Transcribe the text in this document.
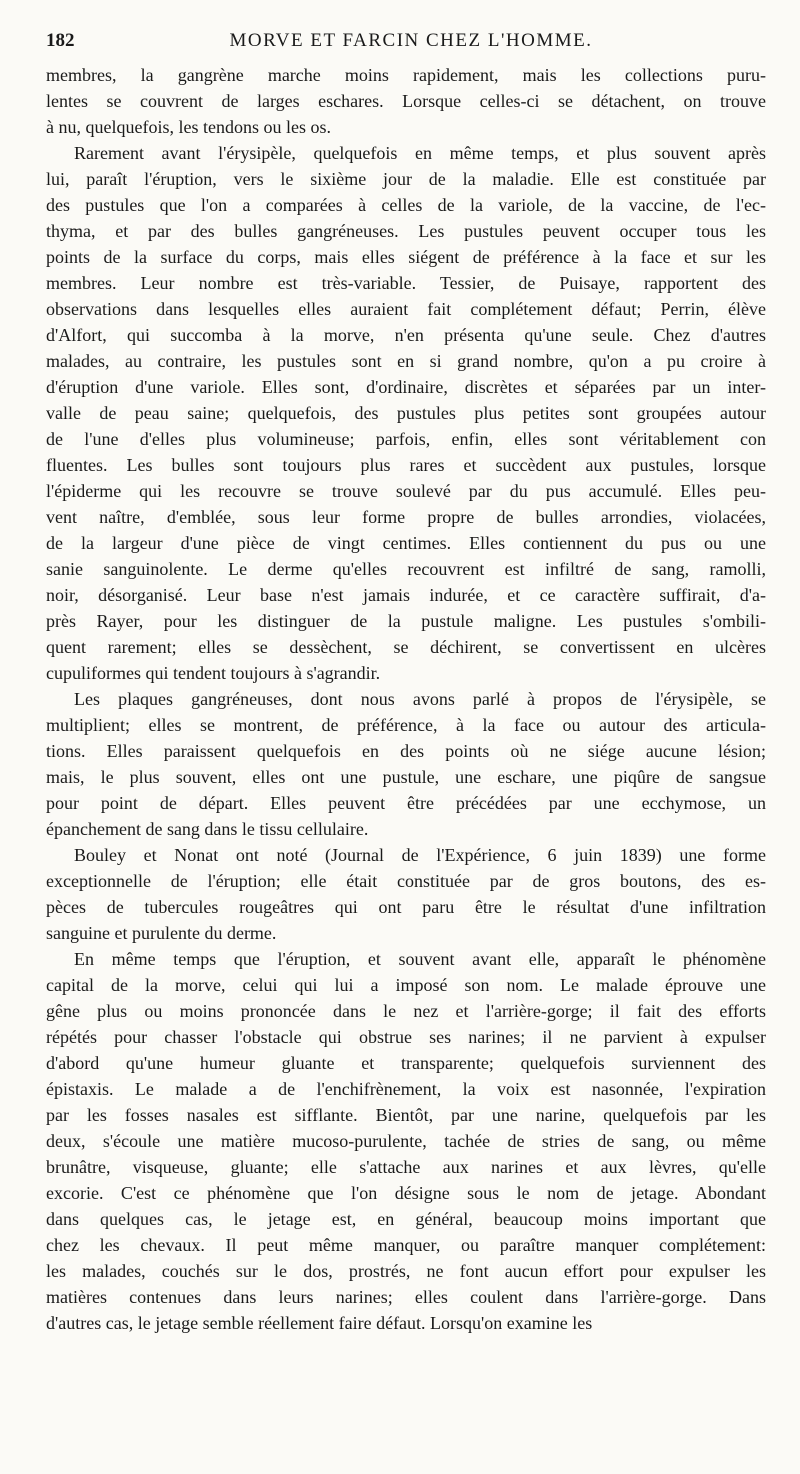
182	MORVE ET FARCIN CHEZ L'HOMME.
membres, la gangrène marche moins rapidement, mais les collections puru-
lentes se couvrent de larges eschares. Lorsque celles-ci se détachent, on trouve
à nu, quelquefois, les tendons ou les os.
Rarement avant l'érysipèle, quelquefois en même temps, et plus souvent après
lui, paraît l'éruption, vers le sixième jour de la maladie. Elle est constituée par
des pustules que l'on a comparées à celles de la variole, de la vaccine, de l'ec-
thyma, et par des bulles gangréneuses. Les pustules peuvent occuper tous les
points de la surface du corps, mais elles siégent de préférence à la face et sur les
membres. Leur nombre est très-variable. Tessier, de Puisaye, rapportent des
observations dans lesquelles elles auraient fait complétement défaut; Perrin, élève
d'Alfort, qui succomba à la morve, n'en présenta qu'une seule. Chez d'autres
malades, au contraire, les pustules sont en si grand nombre, qu'on a pu croire à
d'éruption d'une variole. Elles sont, d'ordinaire, discrètes et séparées par un inter-
valle de peau saine; quelquefois, des pustules plus petites sont groupées autour
de l'une d'elles plus volumineuse; parfois, enfin, elles sont véritablement con
fluentes. Les bulles sont toujours plus rares et succèdent aux pustules, lorsque
l'épiderme qui les recouvre se trouve soulevé par du pus accumulé. Elles peu-
vent naître, d'emblée, sous leur forme propre de bulles arrondies, violacées,
de la largeur d'une pièce de vingt centimes. Elles contiennent du pus ou une
sanie sanguinolente. Le derme qu'elles recouvrent est infiltré de sang, ramolli,
noir, désorganisé. Leur base n'est jamais indurée, et ce caractère suffirait, d'a-
près Rayer, pour les distinguer de la pustule maligne. Les pustules s'ombili-
quent rarement; elles se dessèchent, se déchirent, se convertissent en ulcères
cupuliformes qui tendent toujours à s'agrandir.
Les plaques gangréneuses, dont nous avons parlé à propos de l'érysipèle, se
multiplient; elles se montrent, de préférence, à la face ou autour des articula-
tions. Elles paraissent quelquefois en des points où ne siége aucune lésion;
mais, le plus souvent, elles ont une pustule, une eschare, une piqûre de sangsue
pour point de départ. Elles peuvent être précédées par une ecchymose, un
épanchement de sang dans le tissu cellulaire.
Bouley et Nonat ont noté (Journal de l'Expérience, 6 juin 1839) une forme
exceptionnelle de l'éruption; elle était constituée par de gros boutons, des es-
pèces de tubercules rougeâtres qui ont paru être le résultat d'une infiltration
sanguine et purulente du derme.
En même temps que l'éruption, et souvent avant elle, apparaît le phénomène
capital de la morve, celui qui lui a imposé son nom. Le malade éprouve une
gêne plus ou moins prononcée dans le nez et l'arrière-gorge; il fait des efforts
répétés pour chasser l'obstacle qui obstrue ses narines; il ne parvient à expulser
d'abord qu'une humeur gluante et transparente; quelquefois surviennent des
épistaxis. Le malade a de l'enchifrènement, la voix est nasonnée, l'expiration
par les fosses nasales est sifflante. Bientôt, par une narine, quelquefois par les
deux, s'écoule une matière mucoso-purulente, tachée de stries de sang, ou même
brunâtre, visqueuse, gluante; elle s'attache aux narines et aux lèvres, qu'elle
excorie. C'est ce phénomène que l'on désigne sous le nom de jetage. Abondant
dans quelques cas, le jetage est, en général, beaucoup moins important que
chez les chevaux. Il peut même manquer, ou paraître manquer complétement:
les malades, couchés sur le dos, prostrés, ne font aucun effort pour expulser les
matières contenues dans leurs narines; elles coulent dans l'arrière-gorge. Dans
d'autres cas, le jetage semble réellement faire défaut. Lorsqu'on examine les
